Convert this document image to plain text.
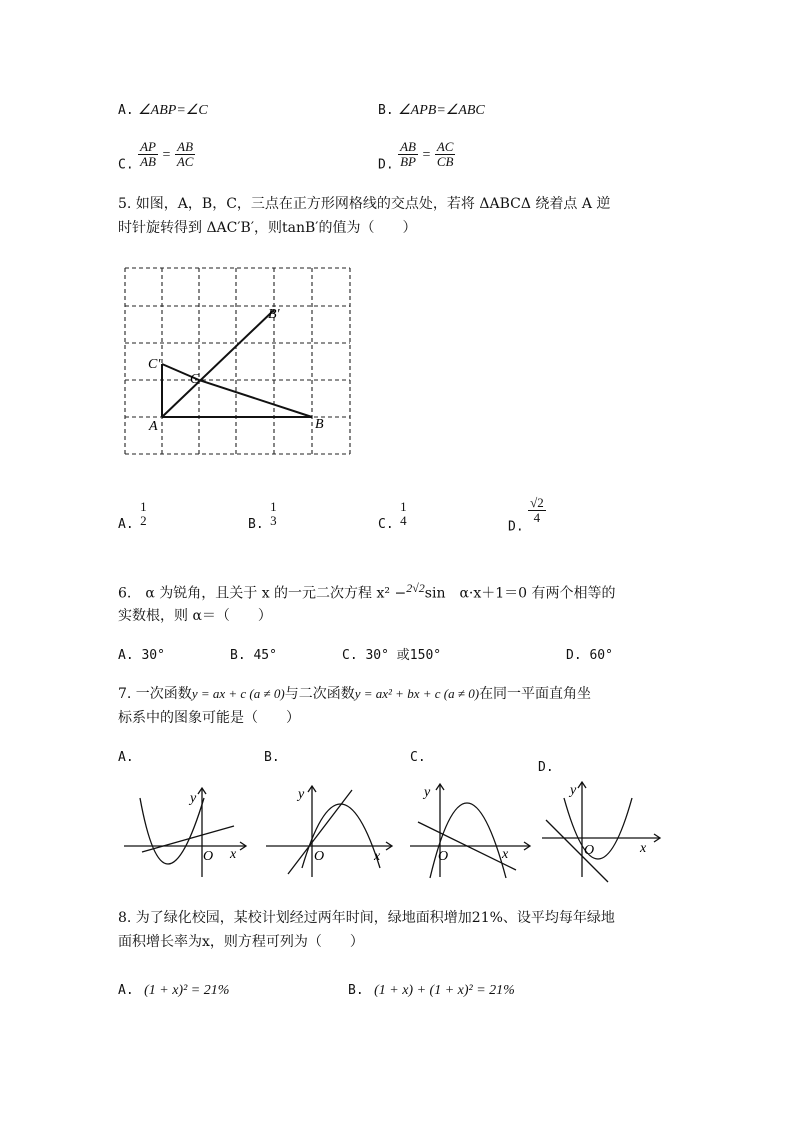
A. ∠ABP=∠C	B. ∠APB=∠ABC
C. $\frac{AP}{AB} = \frac{AB}{AC}$	D. $\frac{AB}{BP} = \frac{AC}{CB}$
5. 如图，A，B，C，三点在正方形网格线的交点处，若将 ΔABCΔ 绕着点 A 逆
时针旋转得到 ΔAC′B′，则tanB′的值为（　　）
A	B
C
C′
B′
A.
1
2	B.
1
3	C.
1
4	D.
$\frac{√2}{4}$
6.　α 为锐角，且关于 x 的一元二次方程 x² −$^{2√2}$sin　α·x＋1＝0 有两个相等的
实数根，则 α＝（　　）
A. 30°	B. 45°	C. 30° 或150°	D. 60°
7. 一次函数y = ax + c (a ≠ 0)与二次函数y = ax² + bx + c (a ≠ 0)在同一平面直角坐
标系中的图象可能是（　　）
A.	B.	C.
D.
y
x
O
y
x
O
y
x
O
y
x
O
8. 为了绿化校园，某校计划经过两年时间，绿地面积增加21%、设平均每年绿地
面积增长率为x，则方程可列为（　　）
A. (1 + x)² = 21%	B. (1 + x) + (1 + x)² = 21%
